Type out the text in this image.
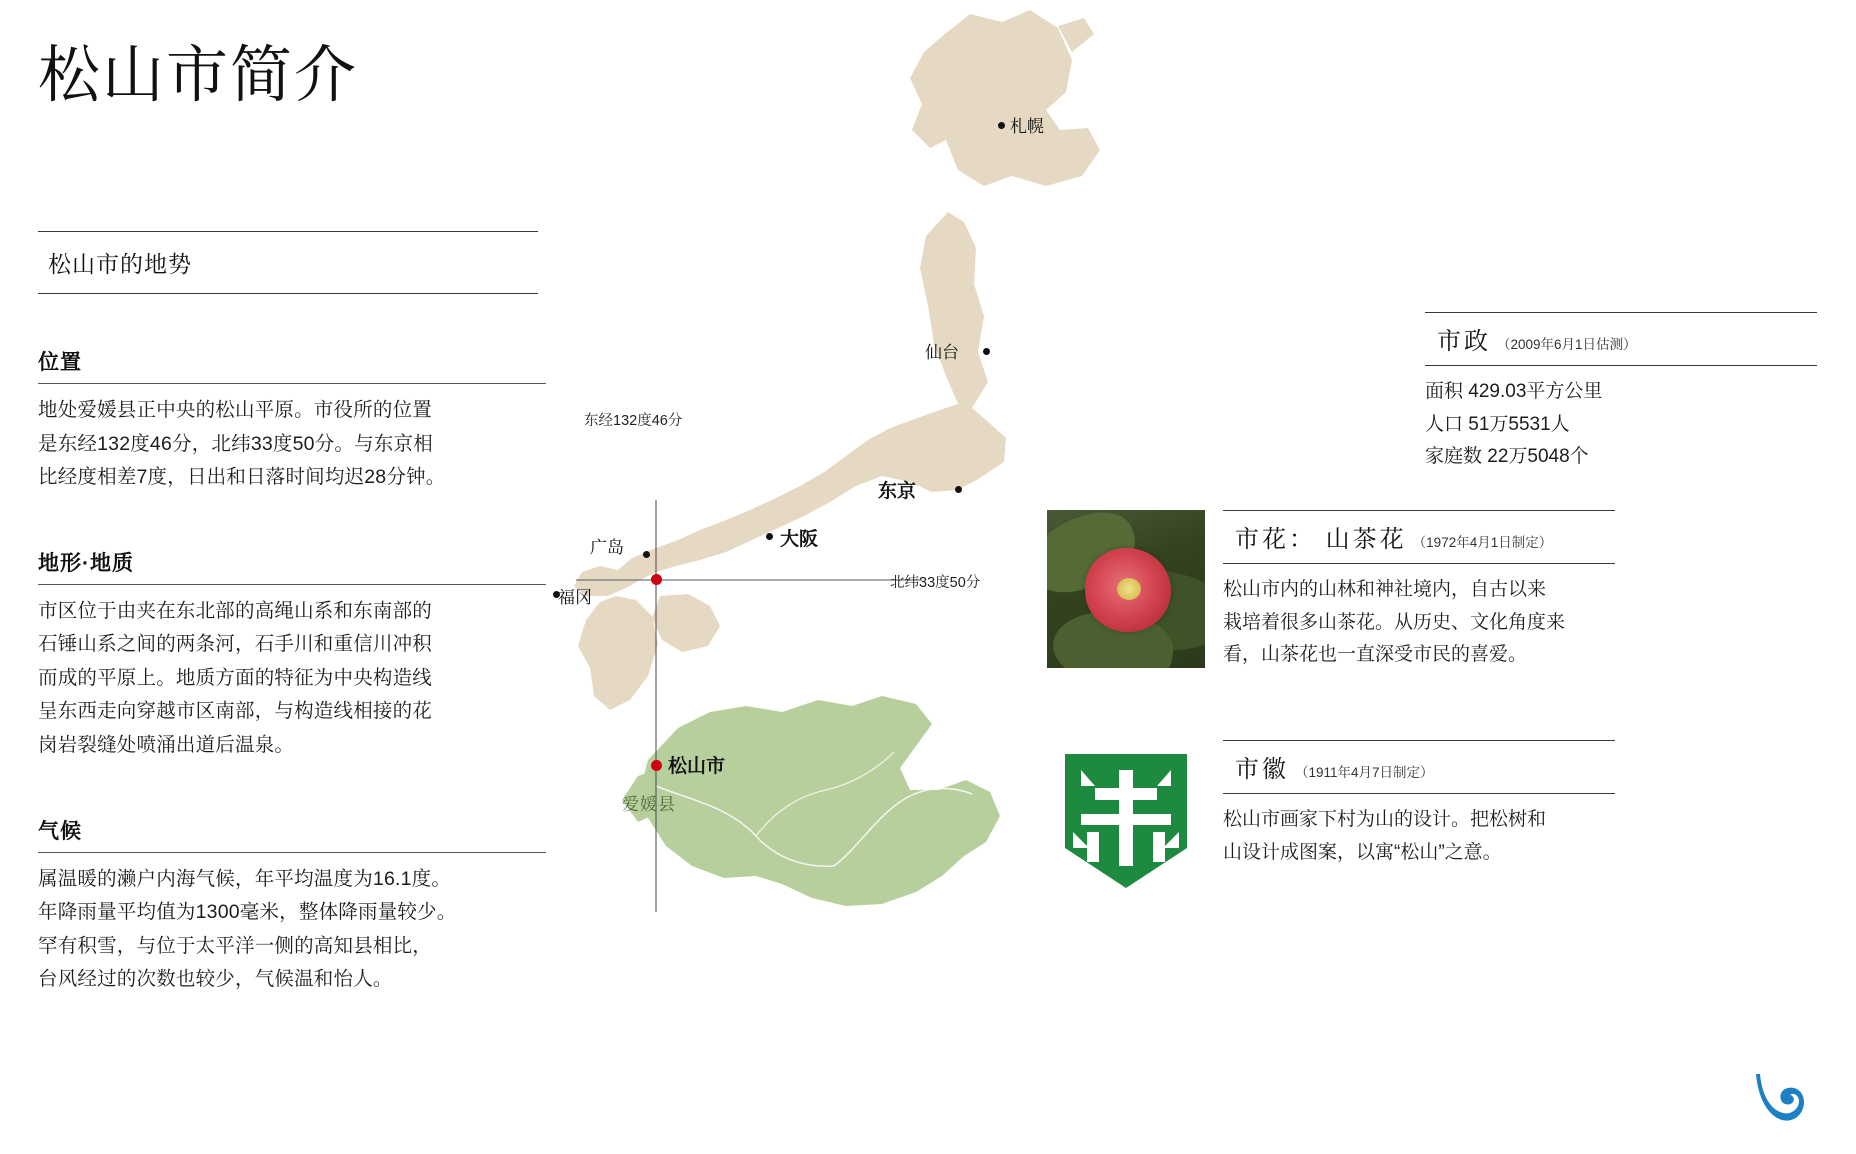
松山市简介
松山市的地势
位置
地处爱媛县正中央的松山平原。市役所的位置
是东经132度46分，北纬33度50分。与东京相
比经度相差7度，日出和日落时间均迟28分钟。
地形·地质
市区位于由夹在东北部的高绳山系和东南部的
石锤山系之间的两条河，石手川和重信川冲积
而成的平原上。地质方面的特征为中央构造线
呈东西走向穿越市区南部，与构造线相接的花
岗岩裂缝处喷涌出道后温泉。
气候
属温暖的濑户内海气候，年平均温度为16.1度。
年降雨量平均值为1300毫米，整体降雨量较少。
罕有积雪，与位于太平洋一侧的高知县相比，
台风经过的次数也较少，气候温和怡人。
东经132度46分
北纬33度50分
札幌
仙台
东京
大阪
广岛
福冈
松山市
爱媛县
市政 （2009年6月1日估测）
面积 429.03平方公里
人口 51万5531人
家庭数 22万5048个
市花： 山茶花 （1972年4月1日制定）
松山市内的山林和神社境内，自古以来
栽培着很多山茶花。从历史、文化角度来
看，山茶花也一直深受市民的喜爱。
市徽 （1911年4月7日制定）
松山市画家下村为山的设计。把松树和
山设计成图案，以寓“松山”之意。
